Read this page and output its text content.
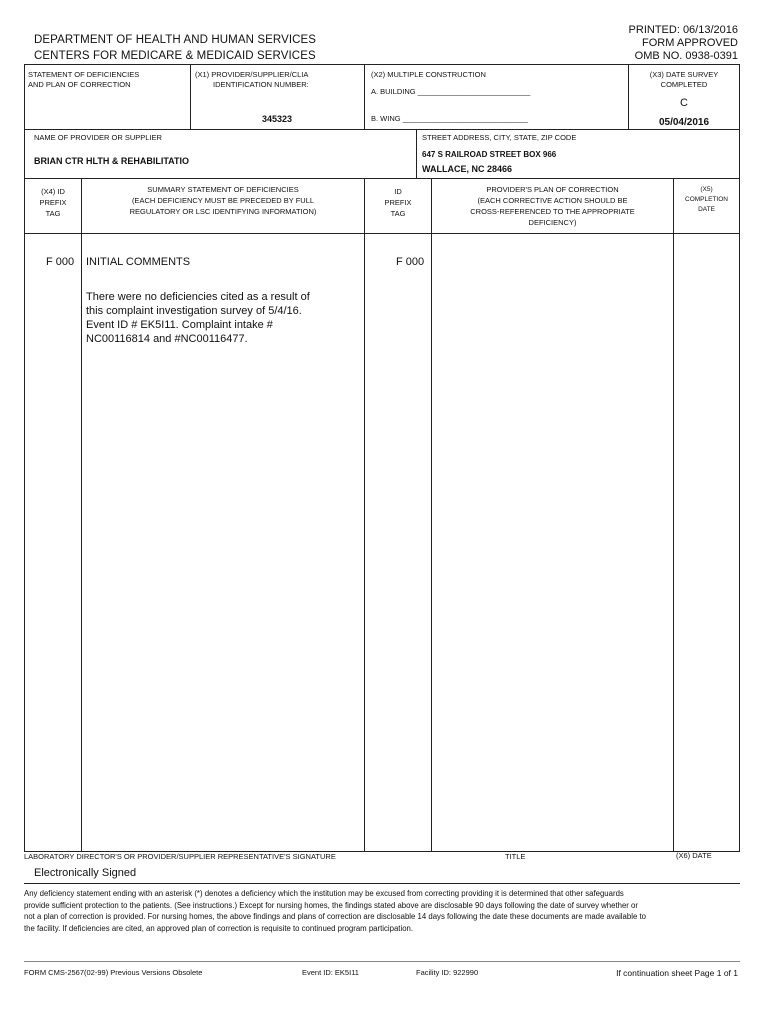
DEPARTMENT OF HEALTH AND HUMAN SERVICES
CENTERS FOR MEDICARE & MEDICAID SERVICES
PRINTED: 06/13/2016
FORM APPROVED
OMB NO. 0938-0391
STATEMENT OF DEFICIENCIES
AND PLAN OF CORRECTION
(X1) PROVIDER/SUPPLIER/CLIA
IDENTIFICATION NUMBER:
345323
(X2) MULTIPLE CONSTRUCTION
A. BUILDING ___________________________
B. WING ______________________________
(X3) DATE SURVEY
COMPLETED
C
05/04/2016
NAME OF PROVIDER OR SUPPLIER
BRIAN CTR HLTH & REHABILITATIO
STREET ADDRESS, CITY, STATE, ZIP CODE
647 S RAILROAD STREET BOX 966
WALLACE, NC 28466
(X4) ID
PREFIX
TAG
SUMMARY STATEMENT OF DEFICIENCIES
(EACH DEFICIENCY MUST BE PRECEDED BY FULL
REGULATORY OR LSC IDENTIFYING INFORMATION)
ID
PREFIX
TAG
PROVIDER'S PLAN OF CORRECTION
(EACH CORRECTIVE ACTION SHOULD BE
CROSS-REFERENCED TO THE APPROPRIATE
DEFICIENCY)
(X5)
COMPLETION
DATE
F 000 INITIAL COMMENTS	F 000
There were no deficiencies cited as a result of
this complaint investigation survey of 5/4/16.
Event ID # EK5I11. Complaint intake #
NC00116814 and #NC00116477.
LABORATORY DIRECTOR'S OR PROVIDER/SUPPLIER REPRESENTATIVE'S SIGNATURE	TITLE	(X6) DATE
Electronically Signed
Any deficiency statement ending with an asterisk (*) denotes a deficiency which the institution may be excused from correcting providing it is determined that other safeguards provide sufficient protection to the patients. (See instructions.) Except for nursing homes, the findings stated above are disclosable 90 days following the date of survey whether or not a plan of correction is provided. For nursing homes, the above findings and plans of correction are disclosable 14 days following the date these documents are made available to the facility. If deficiencies are cited, an approved plan of correction is requisite to continued program participation.
FORM CMS-2567(02-99) Previous Versions Obsolete	Event ID: EK5I11	Facility ID: 922990	If continuation sheet Page 1 of 1
